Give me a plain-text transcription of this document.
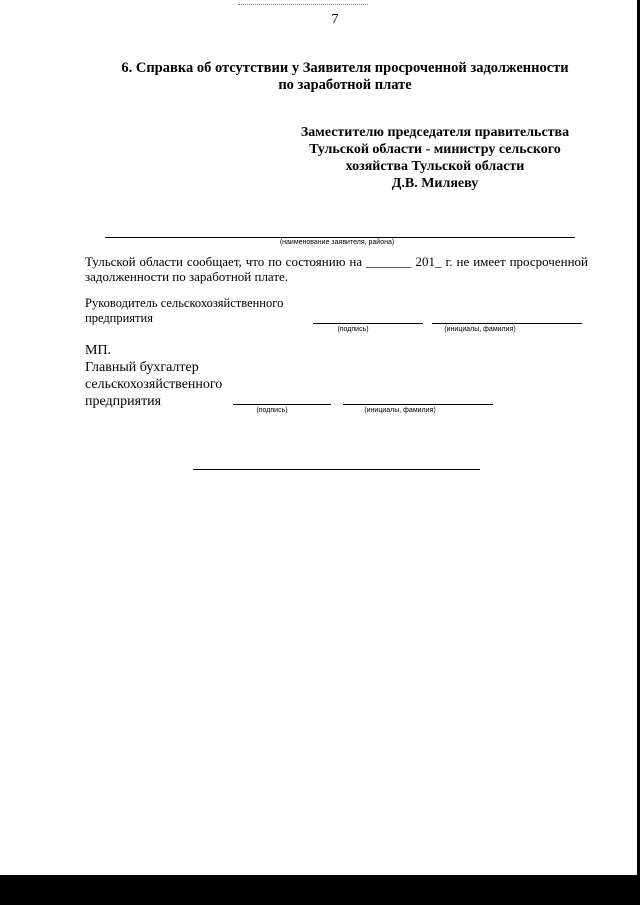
7
6. Справка об отсутствии у Заявителя просроченной задолженности
по заработной плате
Заместителю председателя правительства
Тульской области - министру сельского
хозяйства Тульской области
Д.В. Миляеву
(наименование заявителя, района)
Тульской области сообщает, что по состоянию на _______ 201_ г. не имеет просроченной задолженности по заработной плате.
Руководитель сельскохозяйственного
предприятия
(подпись)	(инициалы, фамилия)
МП.
Главный бухгалтер
сельскохозяйственного
предприятия
(подпись)	(инициалы, фамилия)
